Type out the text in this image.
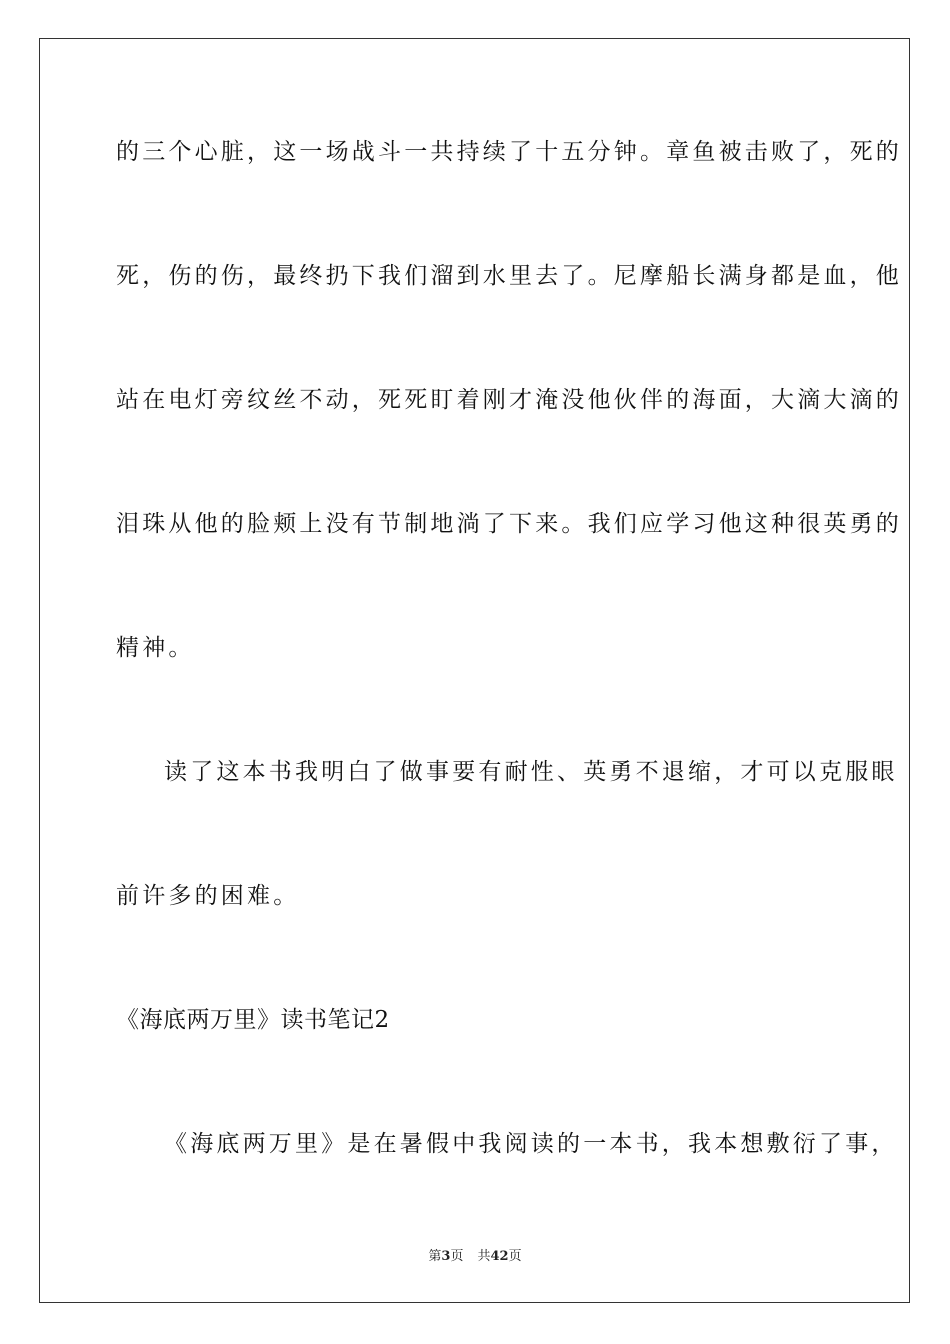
的三个心脏，这一场战斗一共持续了十五分钟。章鱼被击败了，死的
死，伤的伤，最终扔下我们溜到水里去了。尼摩船长满身都是血，他
站在电灯旁纹丝不动，死死盯着刚才淹没他伙伴的海面，大滴大滴的
泪珠从他的脸颊上没有节制地淌了下来。我们应学习他这种很英勇的
精神。
读了这本书我明白了做事要有耐性、英勇不退缩，才可以克服眼
前许多的困难。
《海底两万里》读书笔记2
《海底两万里》是在暑假中我阅读的一本书，我本想敷衍了事，
第3页 共42页
